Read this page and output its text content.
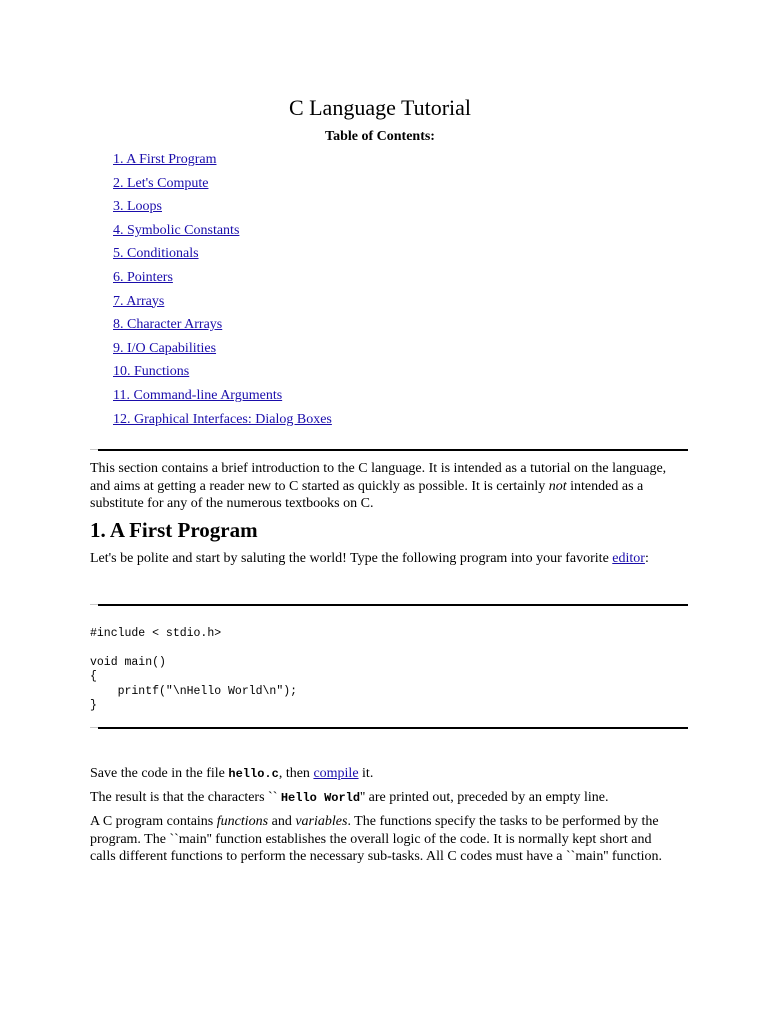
C Language Tutorial
Table of Contents:
1. A First Program
2. Let's Compute
3. Loops
4. Symbolic Constants
5. Conditionals
6. Pointers
7. Arrays
8. Character Arrays
9. I/O Capabilities
10. Functions
11. Command-line Arguments
12. Graphical Interfaces: Dialog Boxes

This section contains a brief introduction to the C language. It is intended as a tutorial on the language, and aims at getting a reader new to C started as quickly as possible. It is certainly not intended as a substitute for any of the numerous textbooks on C.

1. A First Program

Let's be polite and start by saluting the world! Type the following program into your favorite editor:

#include < stdio.h>

void main()
{
printf("\nHello World\n");
}

Save the code in the file hello.c, then compile it.

The result is that the characters `` Hello World'' are printed out, preceded by an empty line.

A C program contains functions and variables. The functions specify the tasks to be performed by the program. The ``main'' function establishes the overall logic of the code. It is normally kept short and calls different functions to perform the necessary sub-tasks. All C codes must have a ``main'' function.
